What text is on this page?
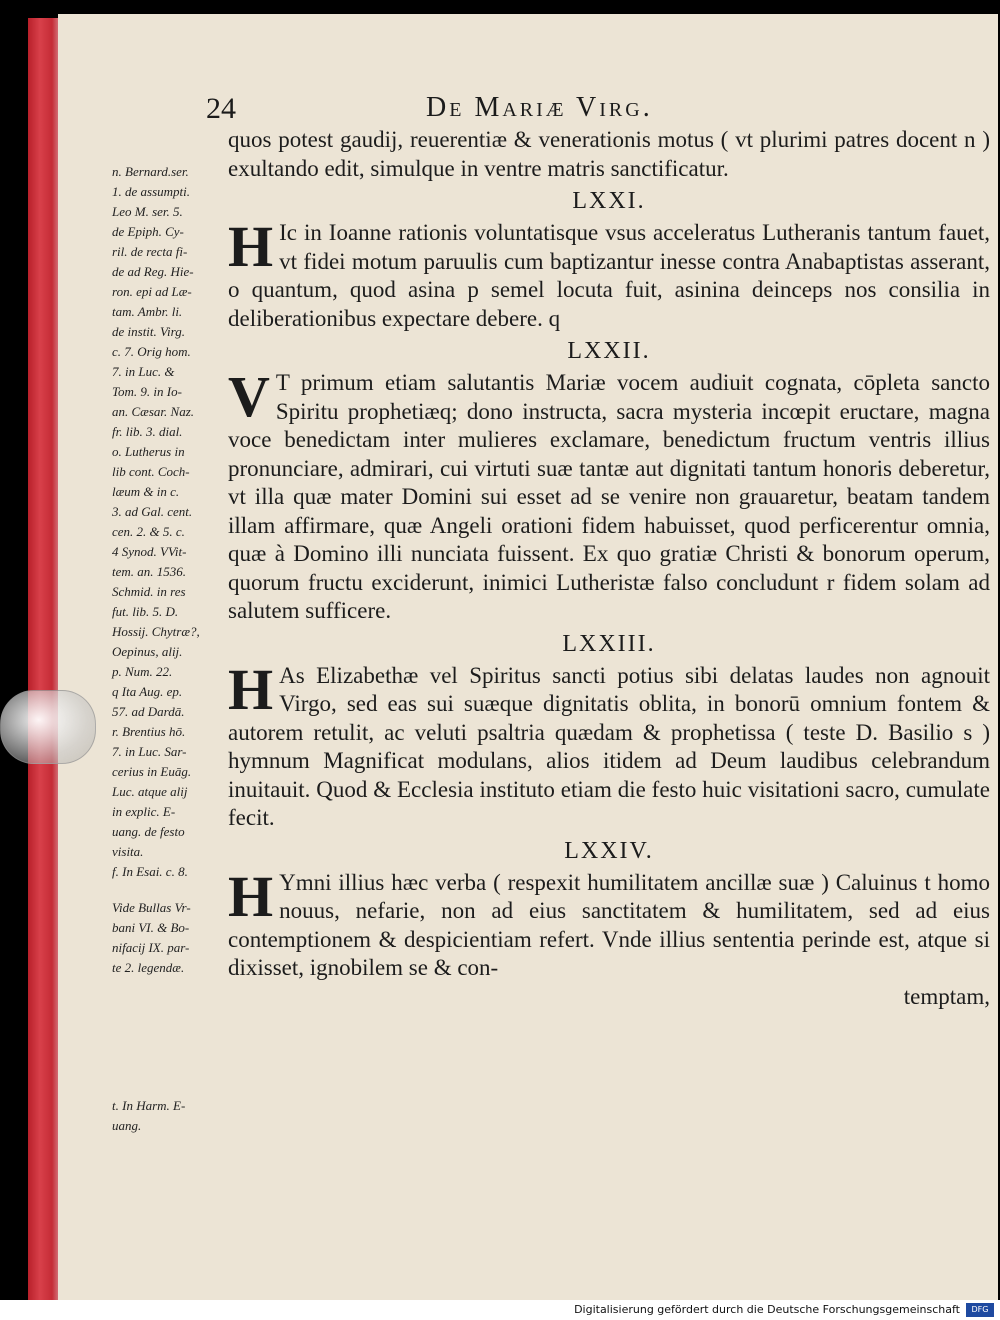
24	De Mariæ Virg.
n. Bernard.ser.
1. de assumpti.
Leo M. ser. 5.
de Epiph. Cy-
ril. de recta fi-
de ad Reg. Hie-
ron. epi ad Læ-
tam. Ambr. li.
de instit. Virg.
c. 7. Orig hom.
7. in Luc. &
Tom. 9. in Io-
an. Cæsar. Naz.
fr. lib. 3. dial.
o. Lutherus in
lib cont. Coch-
læum & in c.
3. ad Gal. cent.
cen. 2. & 5. c.
4 Synod. VVit-
tem. an. 1536.
Schmid. in res
fut. lib. 5. D.
Hossij. Chytræ?,
Oepinus, alij.
p. Num. 22.
q Ita Aug. ep.
57. ad Dardā.
r. Brentius hō.
7. in Luc. Sar-
cerius in Euāg.
Luc. atque alij
in explic. E-
uang. de festo
visita.
f. In Esai. c. 8.
Vide Bullas Vr-
bani VI. & Bo-
nifacij IX. par-
te 2. legendæ.
t. In Harm. E-
uang.

quos potest gaudij, reuerentiæ & venerationis motus ( vt plurimi patres docent n ) exultando edit, simulque in ventre matris sanctificatur.

LXXI.

H Ic in Ioanne rationis voluntatisque vsus acceleratus Lutheranis tantum fauet, vt fidei motum paruulis cum baptizantur inesse contra Anabaptistas asserant, o quantum, quod asina p semel locuta fuit, asinina deinceps nos consilia in deliberationibus expectare debere. q

LXXII.

V T primum etiam salutantis Mariæ vocem audiuit cognata, cōpleta sancto Spiritu prophetiæq; dono instructa, sacra mysteria incœpit eructare, magna voce benedictam inter mulieres exclamare, benedictum fructum ventris illius pronunciare, admirari, cui virtuti suæ tantæ aut dignitati tantum honoris deberetur, vt illa quæ mater Domini sui esset ad se venire non grauaretur, beatam tandem illam affirmare, quæ Angeli orationi fidem habuisset, quod perficerentur omnia, quæ à Domino illi nunciata fuissent. Ex quo gratiæ Christi & bonorum operum, quorum fructu exciderunt, inimici Lutheristæ falso concludunt r fidem solam ad salutem sufficere.

LXXIII.

H As Elizabethæ vel Spiritus sancti potius sibi delatas laudes non agnouit Virgo, sed eas sui suæque dignitatis oblita, in bonorū omnium fontem & autorem retulit, ac veluti psaltria quædam & prophetissa ( teste D. Basilio s ) hymnum Magnificat modulans, alios itidem ad Deum laudibus celebrandum inuitauit. Quod & Ecclesia instituto etiam die festo huic visitationi sacro, cumulate fecit.

LXXIV.

H Ymni illius hæc verba ( respexit humilitatem ancillæ suæ ) Caluinus t homo nouus, nefarie, non ad eius sanctitatem & humilitatem, sed ad eius contemptionem & despicientiam refert. Vnde illius sententia perinde est, atque si dixisset, ignobilem se & con-

temptam,

Digitalisierung gefördert durch die Deutsche Forschungsgemeinschaft	DFG
